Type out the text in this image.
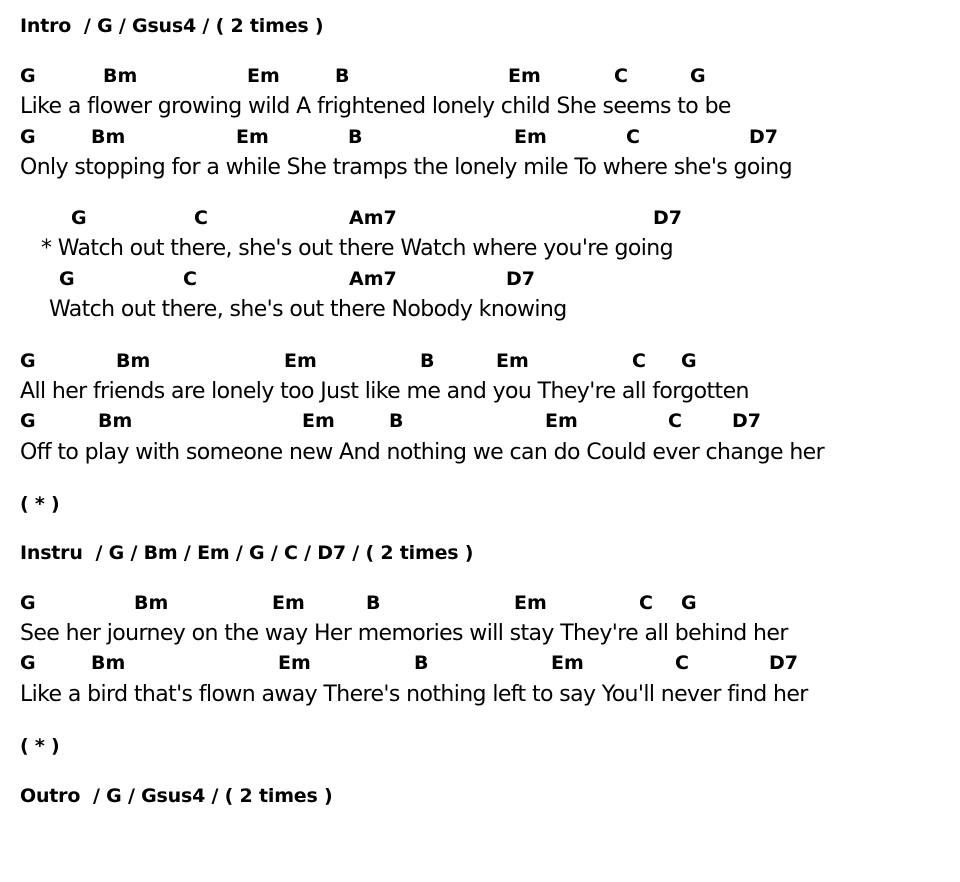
Intro  / G / Gsus4 / ( 2 times )
G	Bm	Em	B	Em	C	G
Like a flower growing wild A frightened lonely child She seems to be
G	Bm	Em	B	Em	C	D7
Only stopping for a while She tramps the lonely mile To where she's going
G	C	Am7	D7
* Watch out there, she's out there Watch where you're going
G	C	Am7	D7
Watch out there, she's out there Nobody knowing
G	Bm	Em	B	Em	C G
All her friends are lonely too Just like me and you They're all forgotten
G	Bm	Em	B	Em	C	D7
Off to play with someone new And nothing we can do Could ever change her
( * )
Instru  / G / Bm / Em / G / C / D7 / ( 2 times )
G	Bm	Em	B	Em	C G
See her journey on the way Her memories will stay They're all behind her
G	Bm	Em	B	Em	C	D7
Like a bird that's flown away There's nothing left to say You'll never find her
( * )
Outro  / G / Gsus4 / ( 2 times )
